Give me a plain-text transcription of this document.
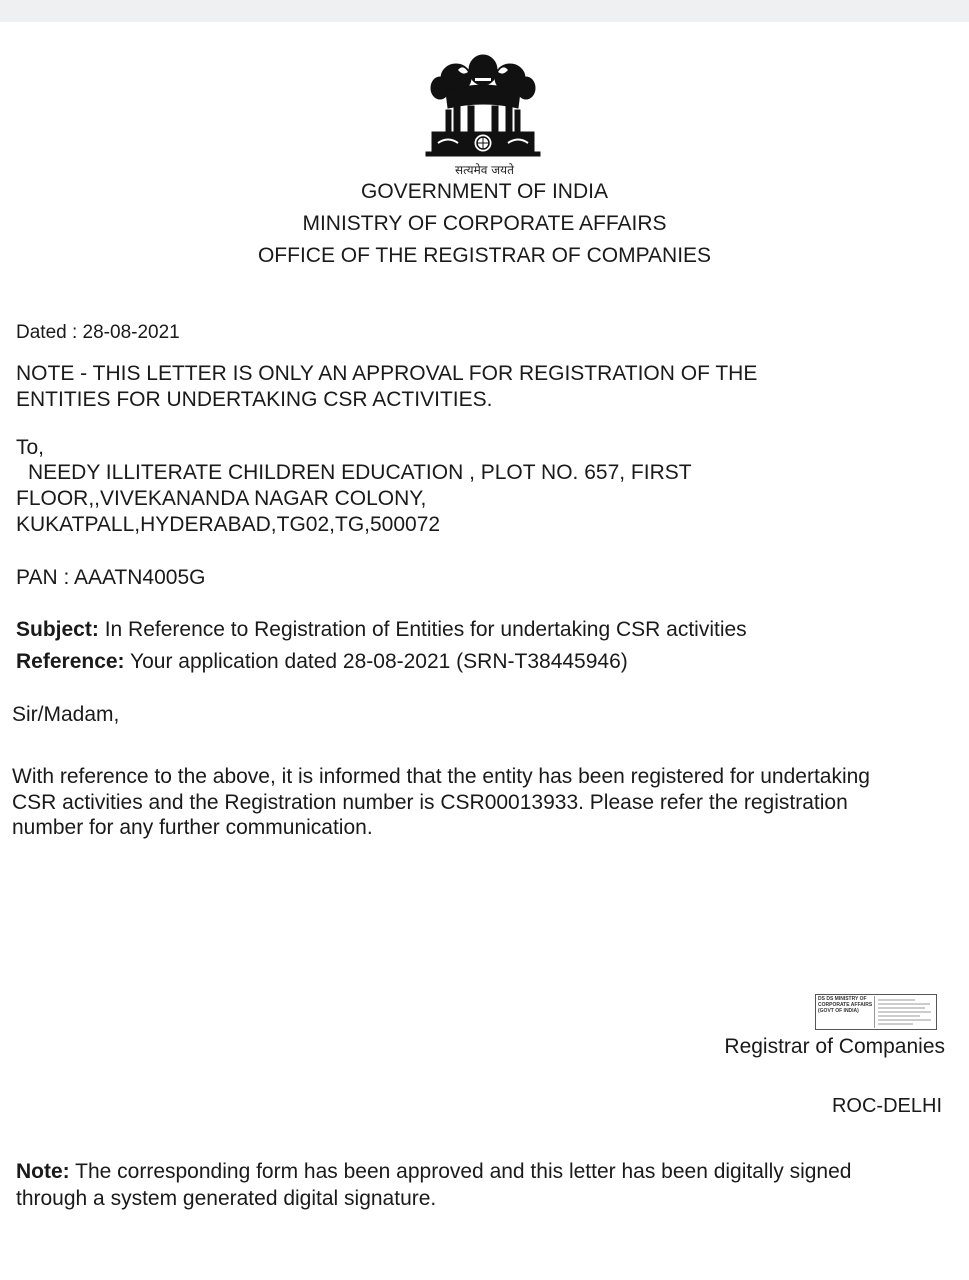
सत्यमेव जयते
GOVERNMENT OF INDIA
MINISTRY OF CORPORATE AFFAIRS
OFFICE OF THE REGISTRAR OF COMPANIES
Dated : 28-08-2021
NOTE - THIS LETTER IS ONLY AN APPROVAL FOR REGISTRATION OF THE
ENTITIES FOR UNDERTAKING CSR ACTIVITIES.
To,
NEEDY ILLITERATE CHILDREN EDUCATION , PLOT NO. 657, FIRST
FLOOR,,VIVEKANANDA NAGAR COLONY,
KUKATPALL,HYDERABAD,TG02,TG,500072
PAN : AAATN4005G
Subject: In Reference to Registration of Entities for undertaking CSR activities
Reference: Your application dated 28-08-2021 (SRN-T38445946)
Sir/Madam,
With reference to the above, it is informed that the entity has been registered for undertaking
CSR activities and the Registration number is CSR00013933. Please refer the registration
number for any further communication.
DS DS MINISTRY OF CORPORATE AFFAIRS (GOVT OF INDIA)
Registrar of Companies
ROC-DELHI
Note: The corresponding form has been approved and this letter has been digitally signed
through a system generated digital signature.
